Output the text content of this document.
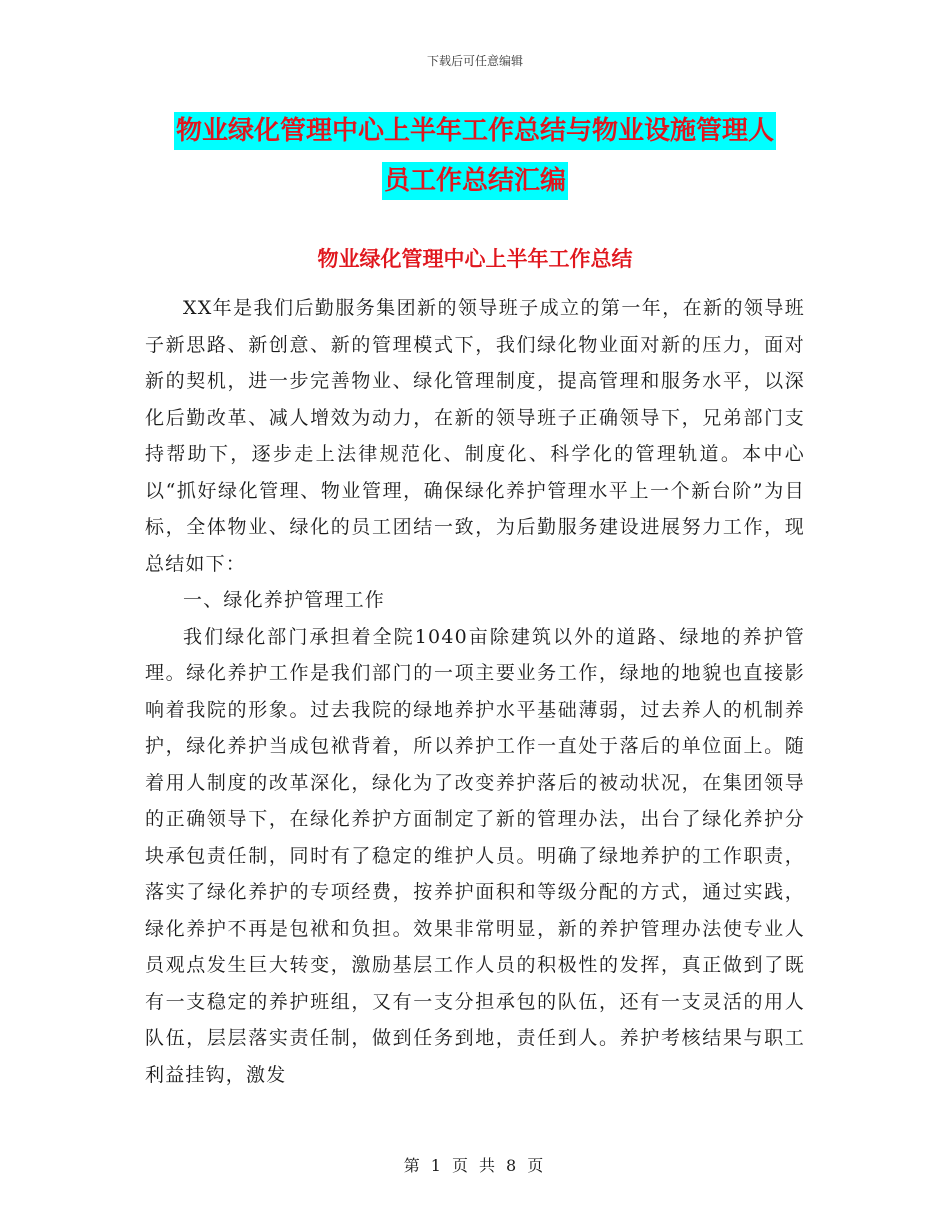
下载后可任意编辑
物业绿化管理中心上半年工作总结与物业设施管理人
员工作总结汇编
物业绿化管理中心上半年工作总结

XX年是我们后勤服务集团新的领导班子成立的第一年，在新的领导班子新思路、新创意、新的管理模式下，我们绿化物业面对新的压力，面对新的契机，进一步完善物业、绿化管理制度，提高管理和服务水平，以深化后勤改革、减人增效为动力，在新的领导班子正确领导下，兄弟部门支持帮助下，逐步走上法律规范化、制度化、科学化的管理轨道。本中心以“抓好绿化管理、物业管理，确保绿化养护管理水平上一个新台阶”为目标，全体物业、绿化的员工团结一致，为后勤服务建设进展努力工作，现总结如下：

一、绿化养护管理工作

我们绿化部门承担着全院1040亩除建筑以外的道路、绿地的养护管理。绿化养护工作是我们部门的一项主要业务工作，绿地的地貌也直接影响着我院的形象。过去我院的绿地养护水平基础薄弱，过去养人的机制养护，绿化养护当成包袱背着，所以养护工作一直处于落后的单位面上。随着用人制度的改革深化，绿化为了改变养护落后的被动状况，在集团领导的正确领导下，在绿化养护方面制定了新的管理办法，出台了绿化养护分块承包责任制，同时有了稳定的维护人员。明确了绿地养护的工作职责，落实了绿化养护的专项经费，按养护面积和等级分配的方式，通过实践，绿化养护不再是包袱和负担。效果非常明显，新的养护管理办法使专业人员观点发生巨大转变，激励基层工作人员的积极性的发挥，真正做到了既有一支稳定的养护班组，又有一支分担承包的队伍，还有一支灵活的用人队伍，层层落实责任制，做到任务到地，责任到人。养护考核结果与职工利益挂钩，激发

第 1 页 共 8 页
